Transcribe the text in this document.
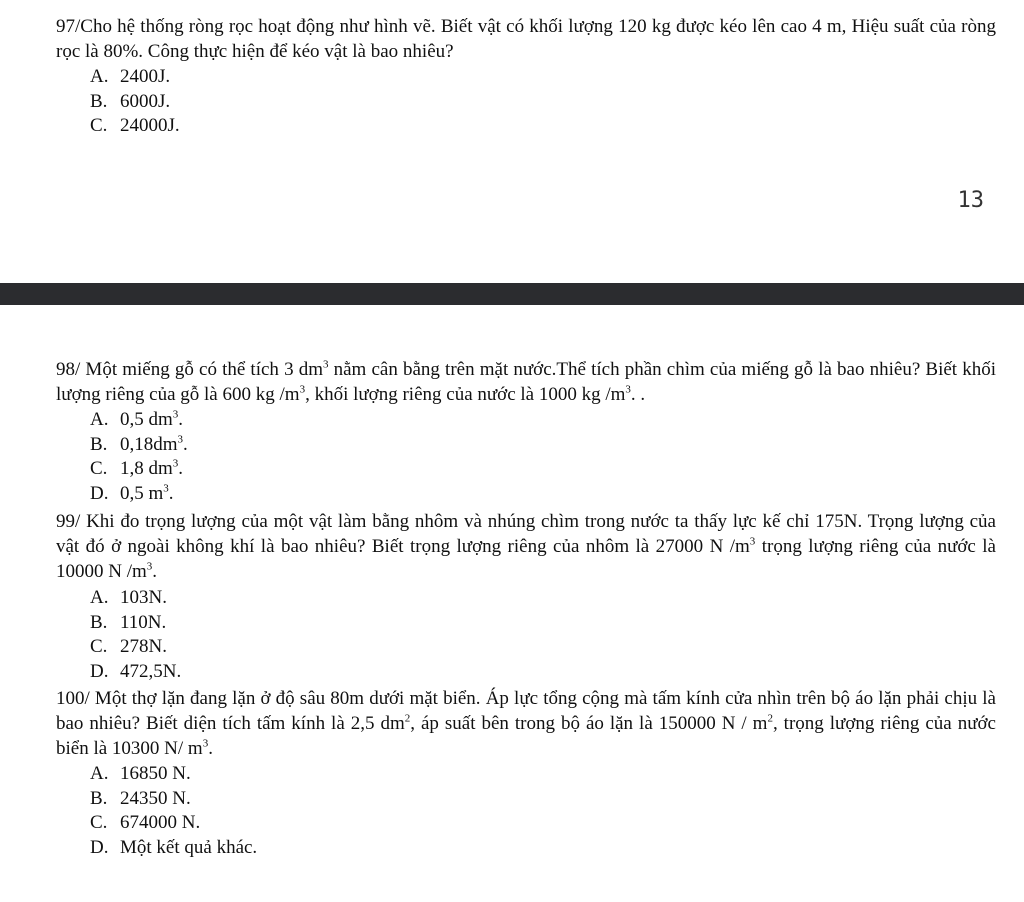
97/Cho hệ thống ròng rọc hoạt động như hình vẽ. Biết vật có khối lượng 120 kg được kéo lên cao 4 m, Hiệu suất của ròng rọc là 80%. Công thực hiện để kéo vật là bao nhiêu?
A. 2400J.
B. 6000J.
C. 24000J.
13
98/ Một miếng gỗ có thể tích 3 $dm^3$ nằm cân bằng trên mặt nước.Thể tích phần chìm của miếng gỗ là bao nhiêu? Biết khối lượng riêng của gỗ là 600 kg $/m^3$, khối lượng riêng của nước là 1000 kg $/m^3$. .
A. 0,5 $dm^3$.
B. $0,18dm^3$.
C. 1,8 $dm^3$.
D. 0,5 $m^3$.
99/ Khi đo trọng lượng của một vật làm bằng nhôm và nhúng chìm trong nước ta thấy lực kế chỉ 175N. Trọng lượng của vật đó ở ngoài không khí là bao nhiêu? Biết trọng lượng riêng của nhôm là 27000 N $/m^3$ trọng lượng riêng của nước là 10000 N $/m^3$.
A. 103N.
B. 110N.
C. 278N.
D. 472,5N.
100/ Một thợ lặn đang lặn ở độ sâu 80m dưới mặt biển. Áp lực tổng cộng mà tấm kính cửa nhìn trên bộ áo lặn phải chịu là bao nhiêu? Biết diện tích tấm kính là 2,5 $dm^2$, áp suất bên trong bộ áo lặn là 150000 N / $m^2$, trọng lượng riêng của nước biển là 10300 N/ $m^3$.
A. 16850 N.
B. 24350 N.
C. 674000 N.
D. Một kết quả khác.
